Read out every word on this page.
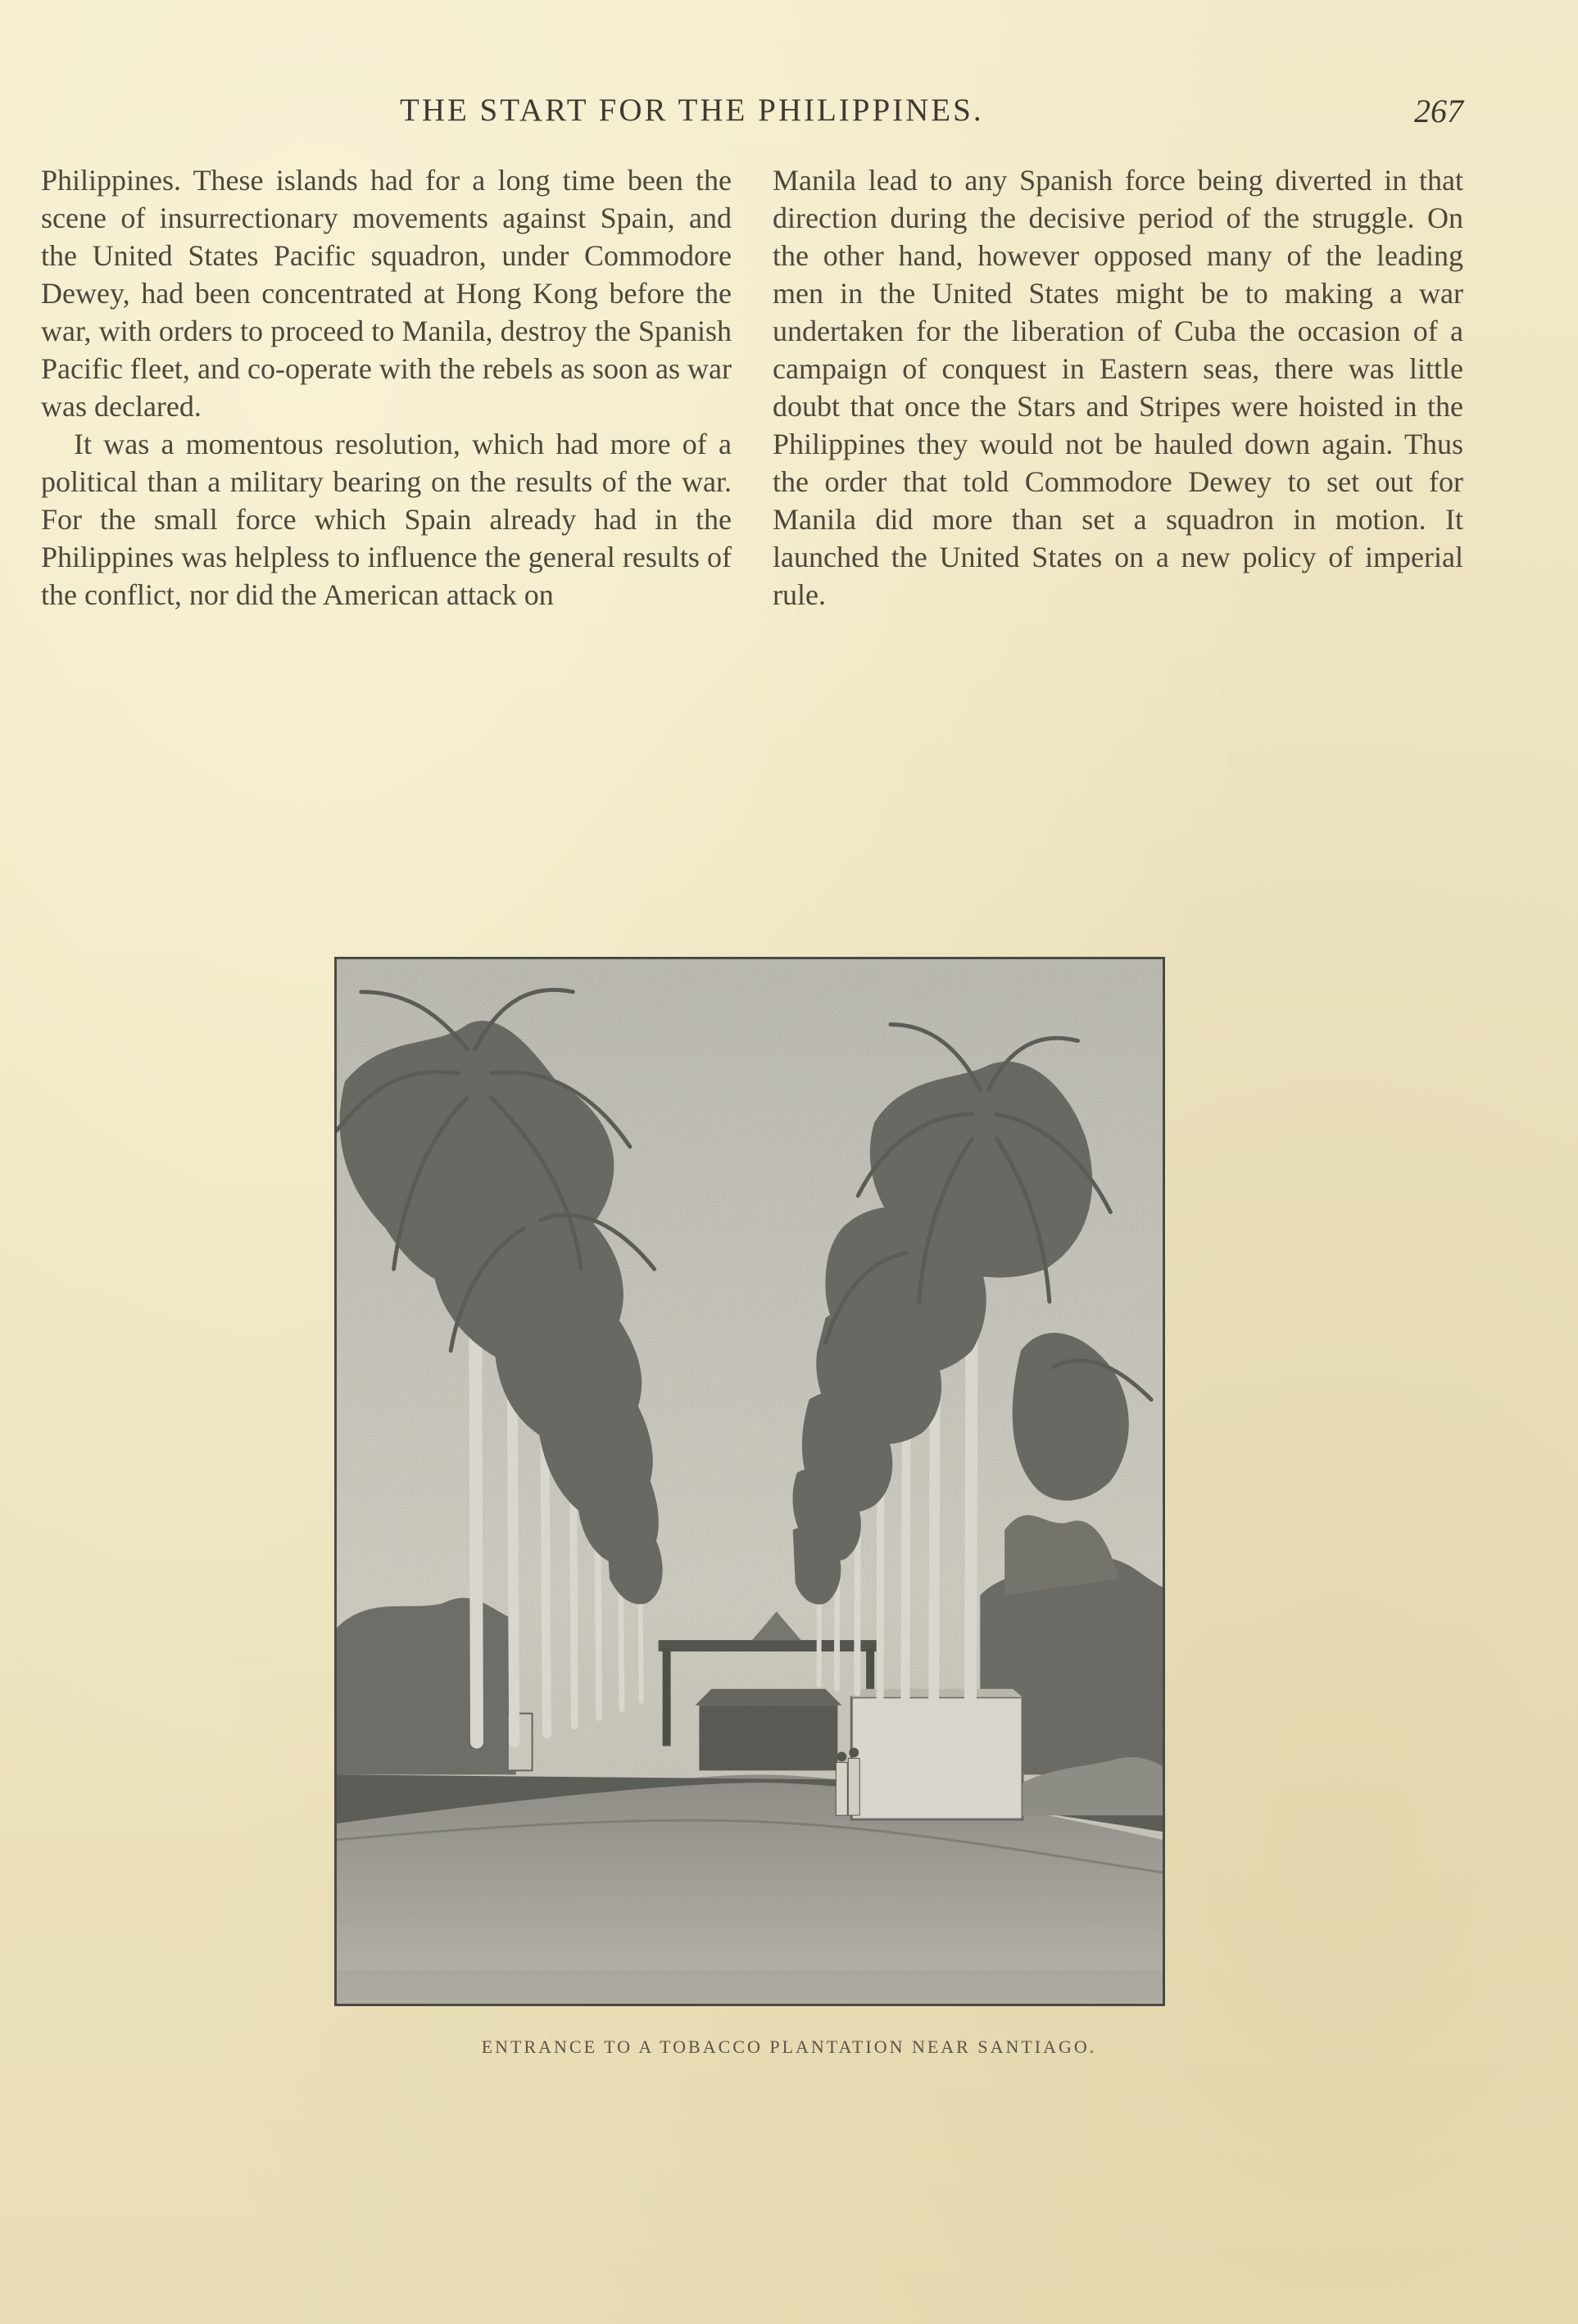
THE START FOR THE PHILIPPINES.	267

Philippines. These islands had for a long time been the scene of insurrectionary movements against Spain, and the United States Pacific squadron, under Commodore Dewey, had been concentrated at Hong Kong before the war, with orders to proceed to Manila, destroy the Spanish Pacific fleet, and co-operate with the rebels as soon as war was declared.

It was a momentous resolution, which had more of a political than a military bearing on the results of the war. For the small force which Spain already had in the Philippines was helpless to influence the general results of the conflict, nor did the American attack on

Manila lead to any Spanish force being diverted in that direction during the decisive period of the struggle. On the other hand, however opposed many of the leading men in the United States might be to making a war undertaken for the liberation of Cuba the occasion of a campaign of conquest in Eastern seas, there was little doubt that once the Stars and Stripes were hoisted in the Philippines they would not be hauled down again. Thus the order that told Commodore Dewey to set out for Manila did more than set a squadron in motion. It launched the United States on a new policy of imperial rule.

ENTRANCE TO A TOBACCO PLANTATION NEAR SANTIAGO.
